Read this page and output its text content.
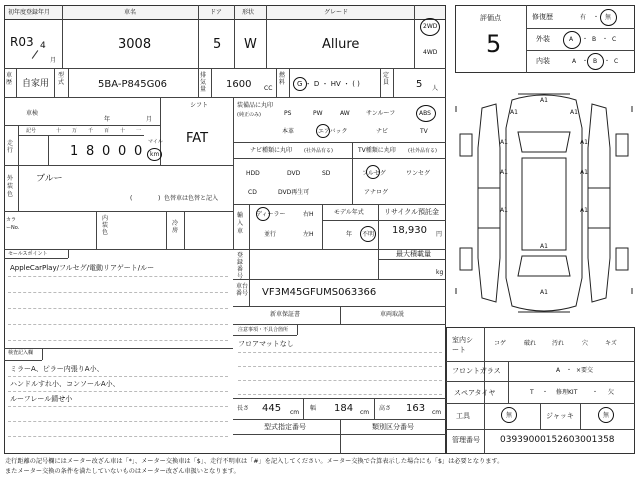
初年度登録年月	車名	ドア	形状	グレード
R03 4
月
3008	5 W	Allure
2WD
4WD
車歴 自家用
型式	5BA-P845G06
排気量 1600 CC
燃料 G ・ D ・ HV ・ ( )
定員	5 人
車検
年	月
シフト
FAT
走行
記号	十 万 千 百 十 一
1 8 0 0 0
マイル
km
外装色
ブルー
(	) 色替車は色替と記入
カラーNo.
内装色
冷房
セールスポイント
AppleCarPlay/フルセグ/電動リアゲート/ルー
検査記入欄
ミラーA、ピラー内張りA小、
ハンドルすれ小、コンソールA小、
ルーフレール錆せ小
装備品に丸印
(純正のみ)	PS	PW	AW	サンルーフ	ABS
本革	エアバック	ナビ	TV
ナビ種類に丸印 (社外品有る)	TV種類に丸印 (社外品有る)
HDD	DVD	SD
CD	DVD再生可
フルセグ	ワンセグ
アナログ
輸入車
ディーラー
並行
右H
左H
モデル年式
年 不明
リサイクル預託金
18,930 円
登録番号
最大積載量
kg
車台番号 VF3M45GFUMS063366
新車保証書	車両取説
注意事項・不具合箇所
フロアマットなし
長さ 445 cm
幅 184 cm
高さ 163 cm
型式指定番号	類別区分番号
評価点
5
修復歴	有 ・ 無
外装	A ・ B ・ C
内装	A ・ B ・ C
A1
A1	A1
A1	A1
A1	A1
A1	A1
A1
A1
室内シート
コゲ	破れ	汚れ	穴	キズ
フロントガラス	A ・ ×要交
スペアタイヤ	T ・ 修理KIT ・ 欠
工具	無	ジャッキ	無
管理番号 03939000152603001358
走行距離の記号欄にはメーター改ざん車は「*」、メーター交換車は「$」、走行不明車は「#」を記入してください。メーター交換で合算表示した場合にも「$」は必要となります。
またメーター交換の条件を満たしていないものはメーター改ざん車扱いとなります。
